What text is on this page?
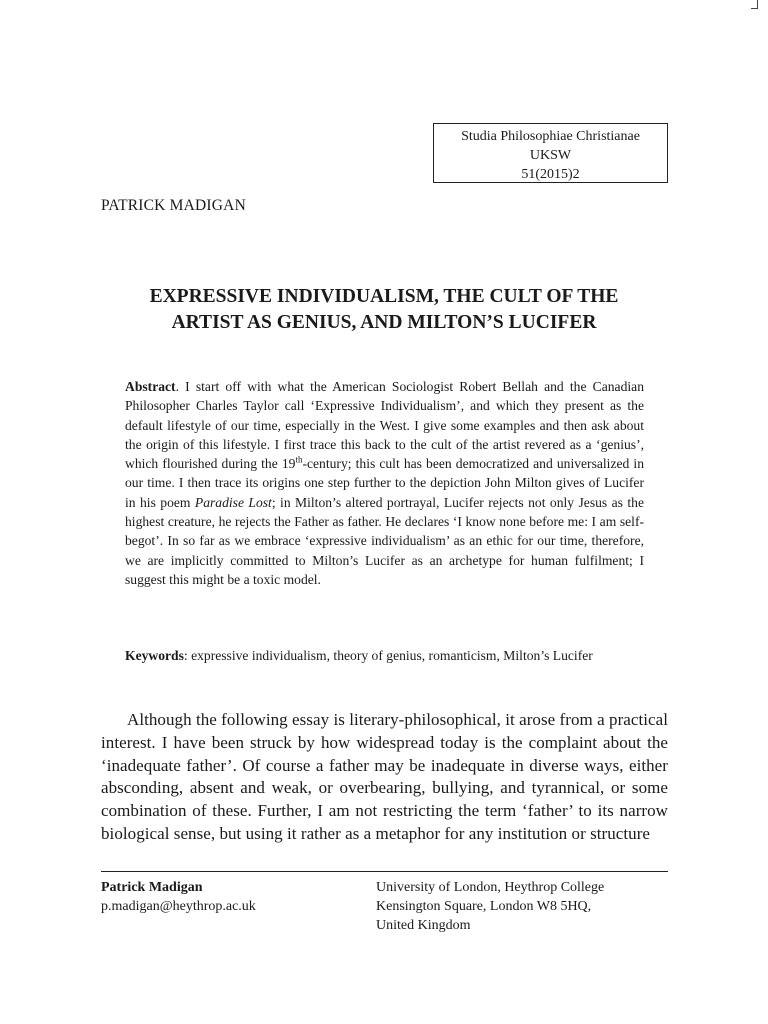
Studia Philosophiae Christianae
UKSW
51(2015)2
PATRICK MADIGAN
EXPRESSIVE INDIVIDUALISM, THE CULT OF THE
ARTIST AS GENIUS, AND MILTON’S LUCIFER
Abstract. I start off with what the American Sociologist Robert Bellah and the Canadian Philosopher Charles Taylor call ‘Expressive Individualism’, and which they present as the default lifestyle of our time, especially in the West. I give some examples and then ask about the origin of this lifestyle. I first trace this back to the cult of the artist revered as a ‘genius’, which flourished during the 19th-century; this cult has been democratized and universalized in our time. I then trace its origins one step further to the depiction John Milton gives of Lucifer in his poem Paradise Lost; in Milton’s altered portrayal, Lucifer rejects not only Jesus as the highest creature, he rejects the Father as father. He declares ‘I know none before me: I am self-begot’. In so far as we embrace ‘expressive individualism’ as an ethic for our time, therefore, we are implicitly committed to Milton’s Lucifer as an archetype for human fulfilment; I suggest this might be a toxic model.
Keywords: expressive individualism, theory of genius, romanticism, Milton’s Lucifer
Although the following essay is literary-philosophical, it arose from a practical interest. I have been struck by how widespread today is the complaint about the ‘inadequate father’. Of course a father may be inadequate in diverse ways, either absconding, absent and weak, or overbearing, bullying, and tyrannical, or some combination of these. Further, I am not restricting the term ‘father’ to its narrow biological sense, but using it rather as a metaphor for any institution or structure
Patrick Madigan
p.madigan@heythrop.ac.uk
University of London, Heythrop College
Kensington Square, London W8 5HQ,
United Kingdom
